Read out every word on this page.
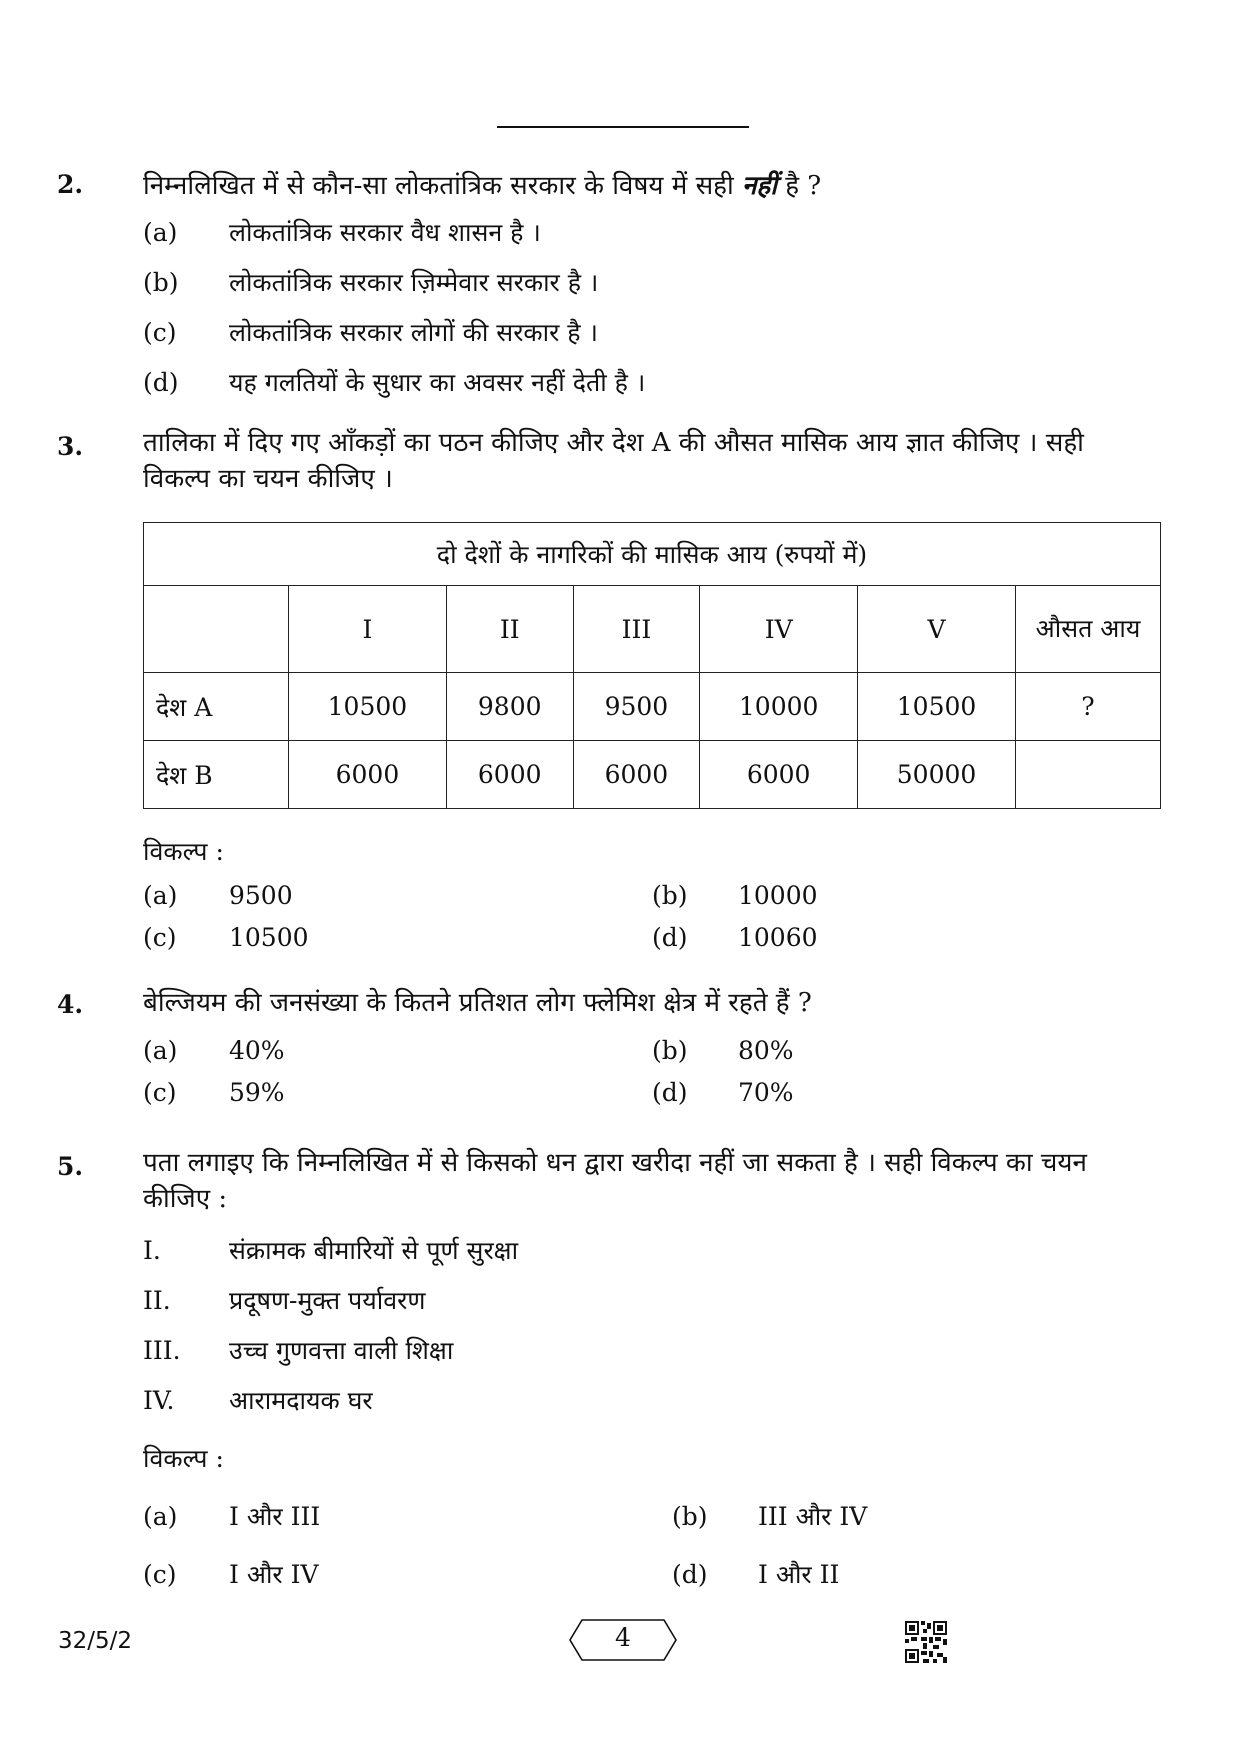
2. निम्नलिखित में से कौन-सा लोकतांत्रिक सरकार के विषय में सही नहीं है ?
(a) लोकतांत्रिक सरकार वैध शासन है ।
(b) लोकतांत्रिक सरकार ज़िम्मेवार सरकार है ।
(c) लोकतांत्रिक सरकार लोगों की सरकार है ।
(d) यह गलतियों के सुधार का अवसर नहीं देती है ।
3. तालिका में दिए गए आँकड़ों का पठन कीजिए और देश A की औसत मासिक आय ज्ञात कीजिए । सही विकल्प का चयन कीजिए ।
दो देशों के नागरिकों की मासिक आय (रुपयों में)						
	I	II	III	IV	V	औसत आय
देश A	10500	9800	9500	10000	10500	?
देश B	6000	6000	6000	6000	50000	
विकल्प :
(a) 9500	(b) 10000
(c) 10500	(d) 10060
4. बेल्जियम की जनसंख्या के कितने प्रतिशत लोग फ्लेमिश क्षेत्र में रहते हैं ?
(a) 40%	(b) 80%
(c) 59%	(d) 70%
5. पता लगाइए कि निम्नलिखित में से किसको धन द्वारा खरीदा नहीं जा सकता है । सही विकल्प का चयन कीजिए :
I.	संक्रामक बीमारियों से पूर्ण सुरक्षा
II. प्रदूषण-मुक्त पर्यावरण
III. उच्च गुणवत्ता वाली शिक्षा
IV. आरामदायक घर
विकल्प :
(a) I और III	(b) III और IV
(c) I और IV	(d) I और II
32/5/2	4
